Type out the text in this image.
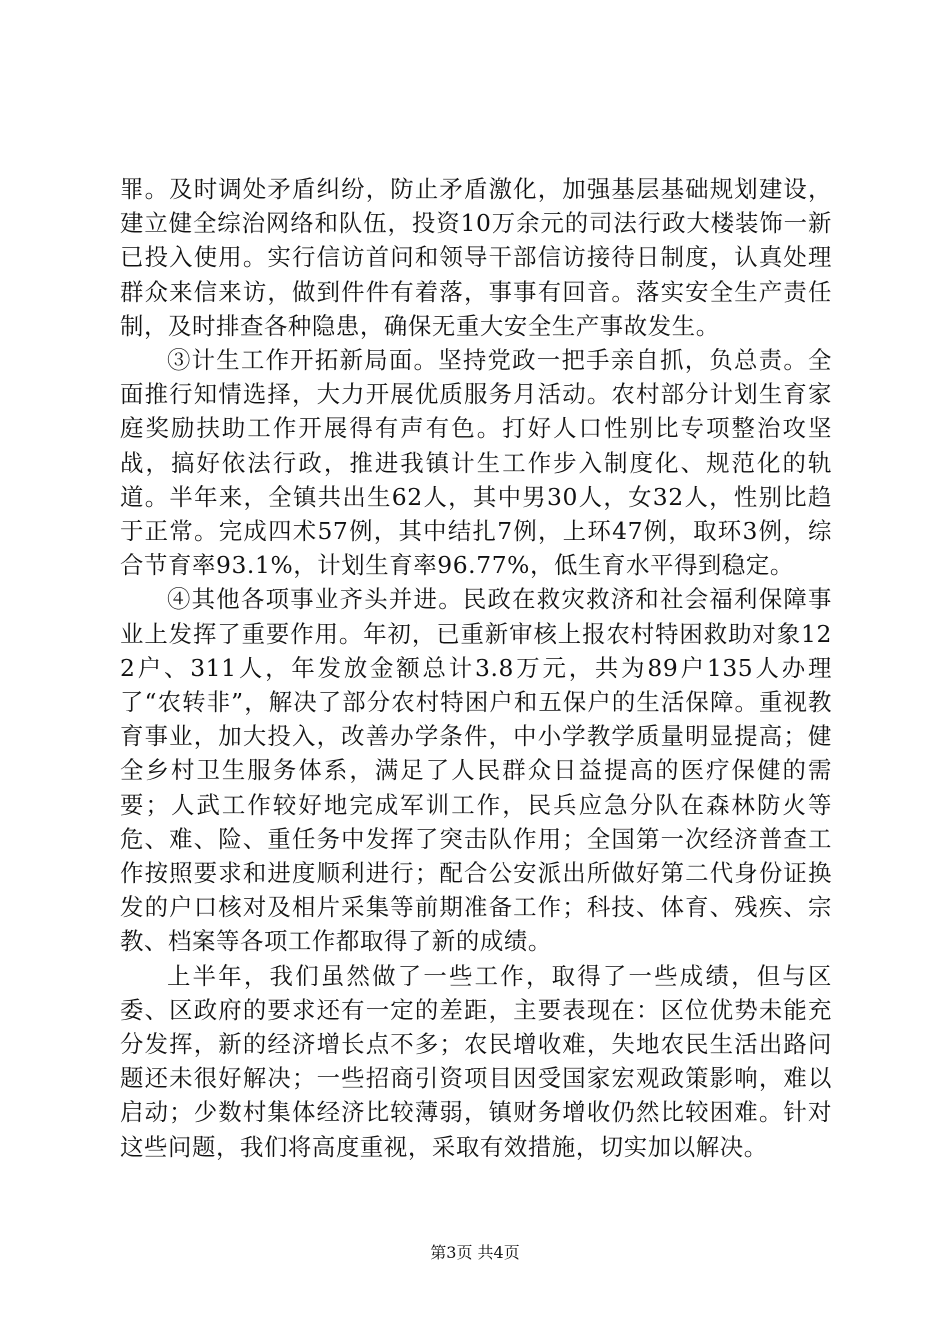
罪。及时调处矛盾纠纷，防止矛盾激化，加强基层基础规划建设，建立健全综治网络和队伍，投资10万余元的司法行政大楼装饰一新已投入使用。实行信访首问和领导干部信访接待日制度，认真处理群众来信来访，做到件件有着落，事事有回音。落实安全生产责任制，及时排查各种隐患，确保无重大安全生产事故发生。

③计生工作开拓新局面。坚持党政一把手亲自抓，负总责。全面推行知情选择，大力开展优质服务月活动。农村部分计划生育家庭奖励扶助工作开展得有声有色。打好人口性别比专项整治攻坚战，搞好依法行政，推进我镇计生工作步入制度化、规范化的轨道。半年来，全镇共出生62人，其中男30人，女32人，性别比趋于正常。完成四术57例，其中结扎7例，上环47例，取环3例，综合节育率93.1%，计划生育率96.77%，低生育水平得到稳定。

④其他各项事业齐头并进。民政在救灾救济和社会福利保障事业上发挥了重要作用。年初，已重新审核上报农村特困救助对象122户、311人，年发放金额总计3.8万元，共为89户135人办理了“农转非”，解决了部分农村特困户和五保户的生活保障。重视教育事业，加大投入，改善办学条件，中小学教学质量明显提高；健全乡村卫生服务体系，满足了人民群众日益提高的医疗保健的需要；人武工作较好地完成军训工作，民兵应急分队在森林防火等危、难、险、重任务中发挥了突击队作用；全国第一次经济普查工作按照要求和进度顺利进行；配合公安派出所做好第二代身份证换发的户口核对及相片采集等前期准备工作；科技、体育、残疾、宗教、档案等各项工作都取得了新的成绩。

上半年，我们虽然做了一些工作，取得了一些成绩，但与区委、区政府的要求还有一定的差距，主要表现在：区位优势未能充分发挥，新的经济增长点不多；农民增收难，失地农民生活出路问题还未很好解决；一些招商引资项目因受国家宏观政策影响，难以启动；少数村集体经济比较薄弱，镇财务增收仍然比较困难。针对这些问题，我们将高度重视，采取有效措施，切实加以解决。

第3页 共4页
